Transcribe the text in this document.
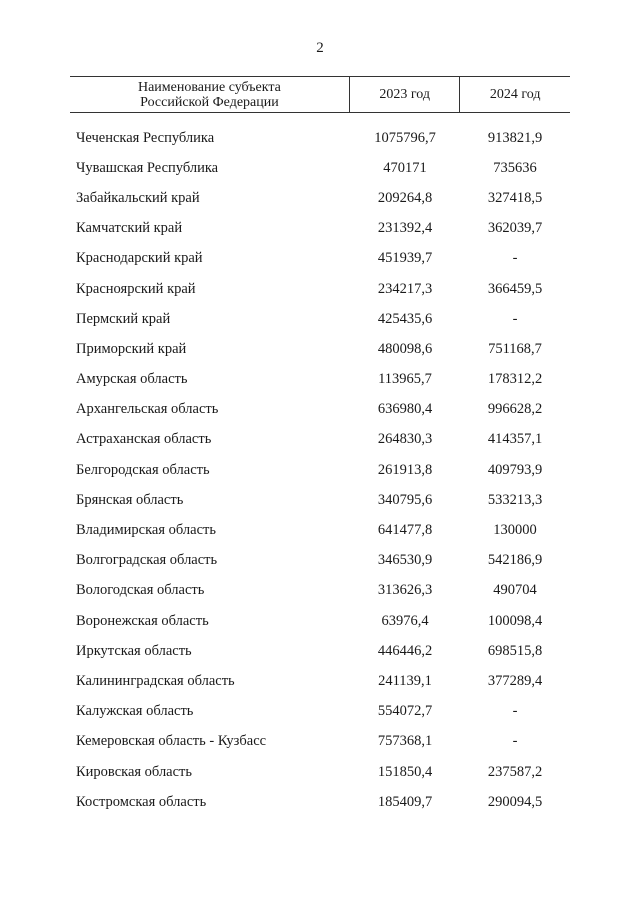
2
Наименование субъекта
Российской Федерации	2023 год	2024 год
Чеченская Республика	1075796,7	913821,9
Чувашская Республика	470171	735636
Забайкальский край	209264,8	327418,5
Камчатский край	231392,4	362039,7
Краснодарский край	451939,7	-
Красноярский край	234217,3	366459,5
Пермский край	425435,6	-
Приморский край	480098,6	751168,7
Амурская область	113965,7	178312,2
Архангельская область	636980,4	996628,2
Астраханская область	264830,3	414357,1
Белгородская область	261913,8	409793,9
Брянская область	340795,6	533213,3
Владимирская область	641477,8	130000
Волгоградская область	346530,9	542186,9
Вологодская область	313626,3	490704
Воронежская область	63976,4	100098,4
Иркутская область	446446,2	698515,8
Калининградская область	241139,1	377289,4
Калужская область	554072,7	-
Кемеровская область - Кузбасс	757368,1	-
Кировская область	151850,4	237587,2
Костромская область	185409,7	290094,5
